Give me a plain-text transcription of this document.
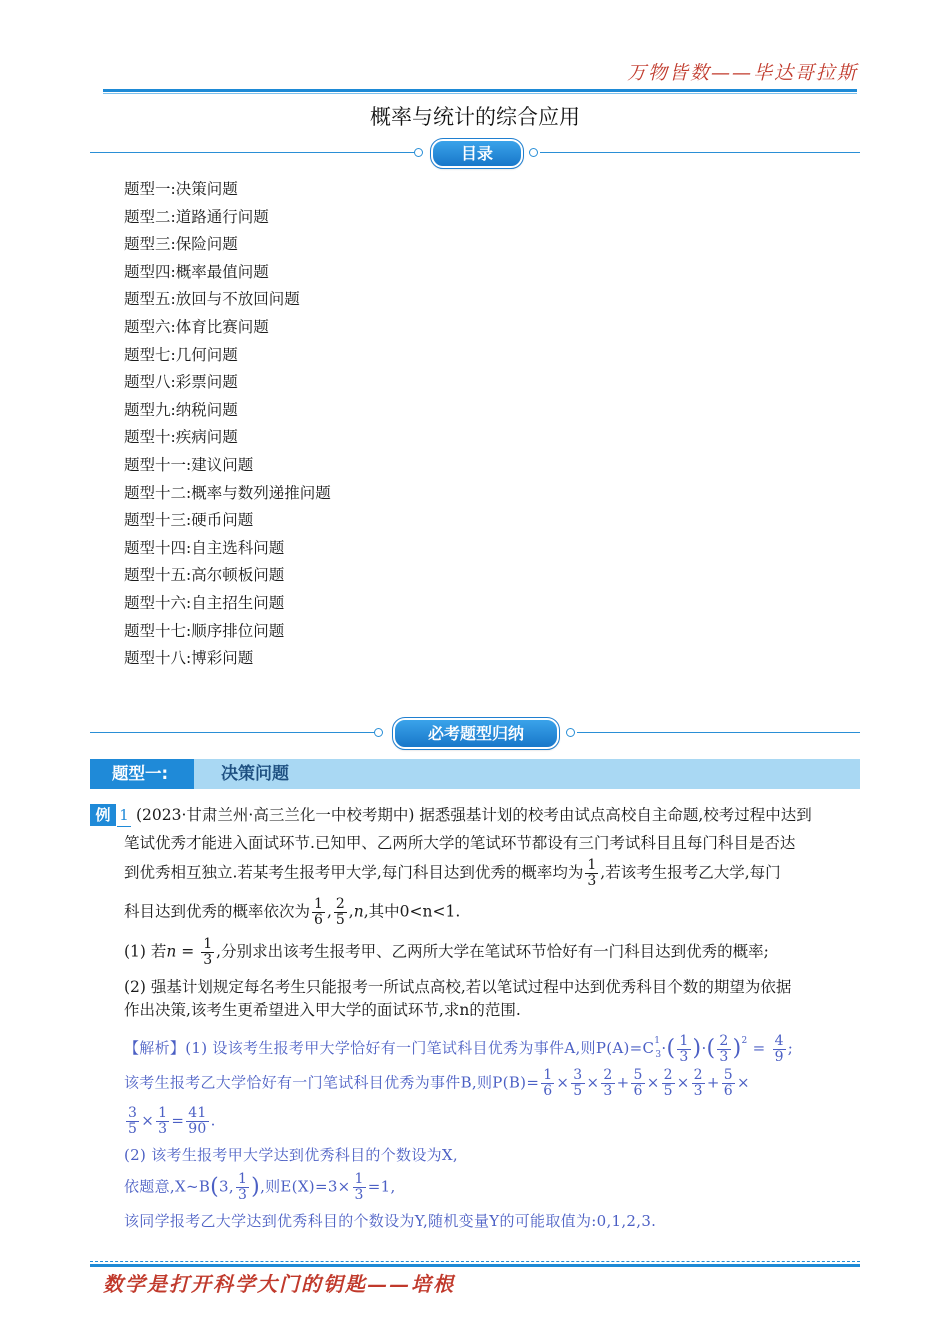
万物皆数——毕达哥拉斯
概率与统计的综合应用
目录
题型一:决策问题
题型二:道路通行问题
题型三:保险问题
题型四:概率最值问题
题型五:放回与不放回问题
题型六:体育比赛问题
题型七:几何问题
题型八:彩票问题
题型九:纳税问题
题型十:疾病问题
题型十一:建议问题
题型十二:概率与数列递推问题
题型十三:硬币问题
题型十四:自主选科问题
题型十五:高尔顿板问题
题型十六:自主招生问题
题型十七:顺序排位问题
题型十八:博彩问题
必考题型归纳
题型一:	决策问题
例 1 (2023·甘肃兰州·高三兰化一中校考期中) 据悉强基计划的校考由试点高校自主命题,校考过程中达到
笔试优秀才能进入面试环节.已知甲、乙两所大学的笔试环节都设有三门考试科目且每门科目是否达
到优秀相互独立.若某考生报考甲大学,每门科目达到优秀的概率均为 $\frac{1}{3}$ ,若该考生报考乙大学,每门
科目达到优秀的概率依次为 $\frac{1}{6}$ , $\frac{2}{5} ,n$,其中0<n<1.
(1) 若$n = \frac{1}{3}$ ,分别求出该考生报考甲、乙两所大学在笔试环节恰好有一门科目达到优秀的概率;
(2) 强基计划规定每名考生只能报考一所试点高校,若以笔试过程中达到优秀科目个数的期望为依据
作出决策,该考生更希望进入甲大学的面试环节,求n的范围.
【解析】(1) 设该考生报考甲大学恰好有一门笔试科目优秀为事件A,则$P(A)=C^1_3\cdot( \frac{1}{3}$ )·( $\frac{2}{3} )^2 = \frac{4}{9}$ ;
该考生报考乙大学恰好有一门笔试科目优秀为事件B,则$P(B)= \frac{1}{6} \times \frac{3}{5} \times \frac{2}{3} + \frac{5}{6} \times \frac{2}{5} \times \frac{2}{3} + \frac{5}{6}$ ×
$\frac{3}{5} \times \frac{1}{3} = \frac{41}{90}$ .
(2) 该考生报考甲大学达到优秀科目的个数设为X,
依题意,X~B(3, $\frac{1}{3}$ ),则$E(X)=3\times \frac{1}{3} =1$,
该同学报考乙大学达到优秀科目的个数设为Y,随机变量Y的可能取值为:0,1,2,3.
数学是打开科学大门的钥匙——培根
